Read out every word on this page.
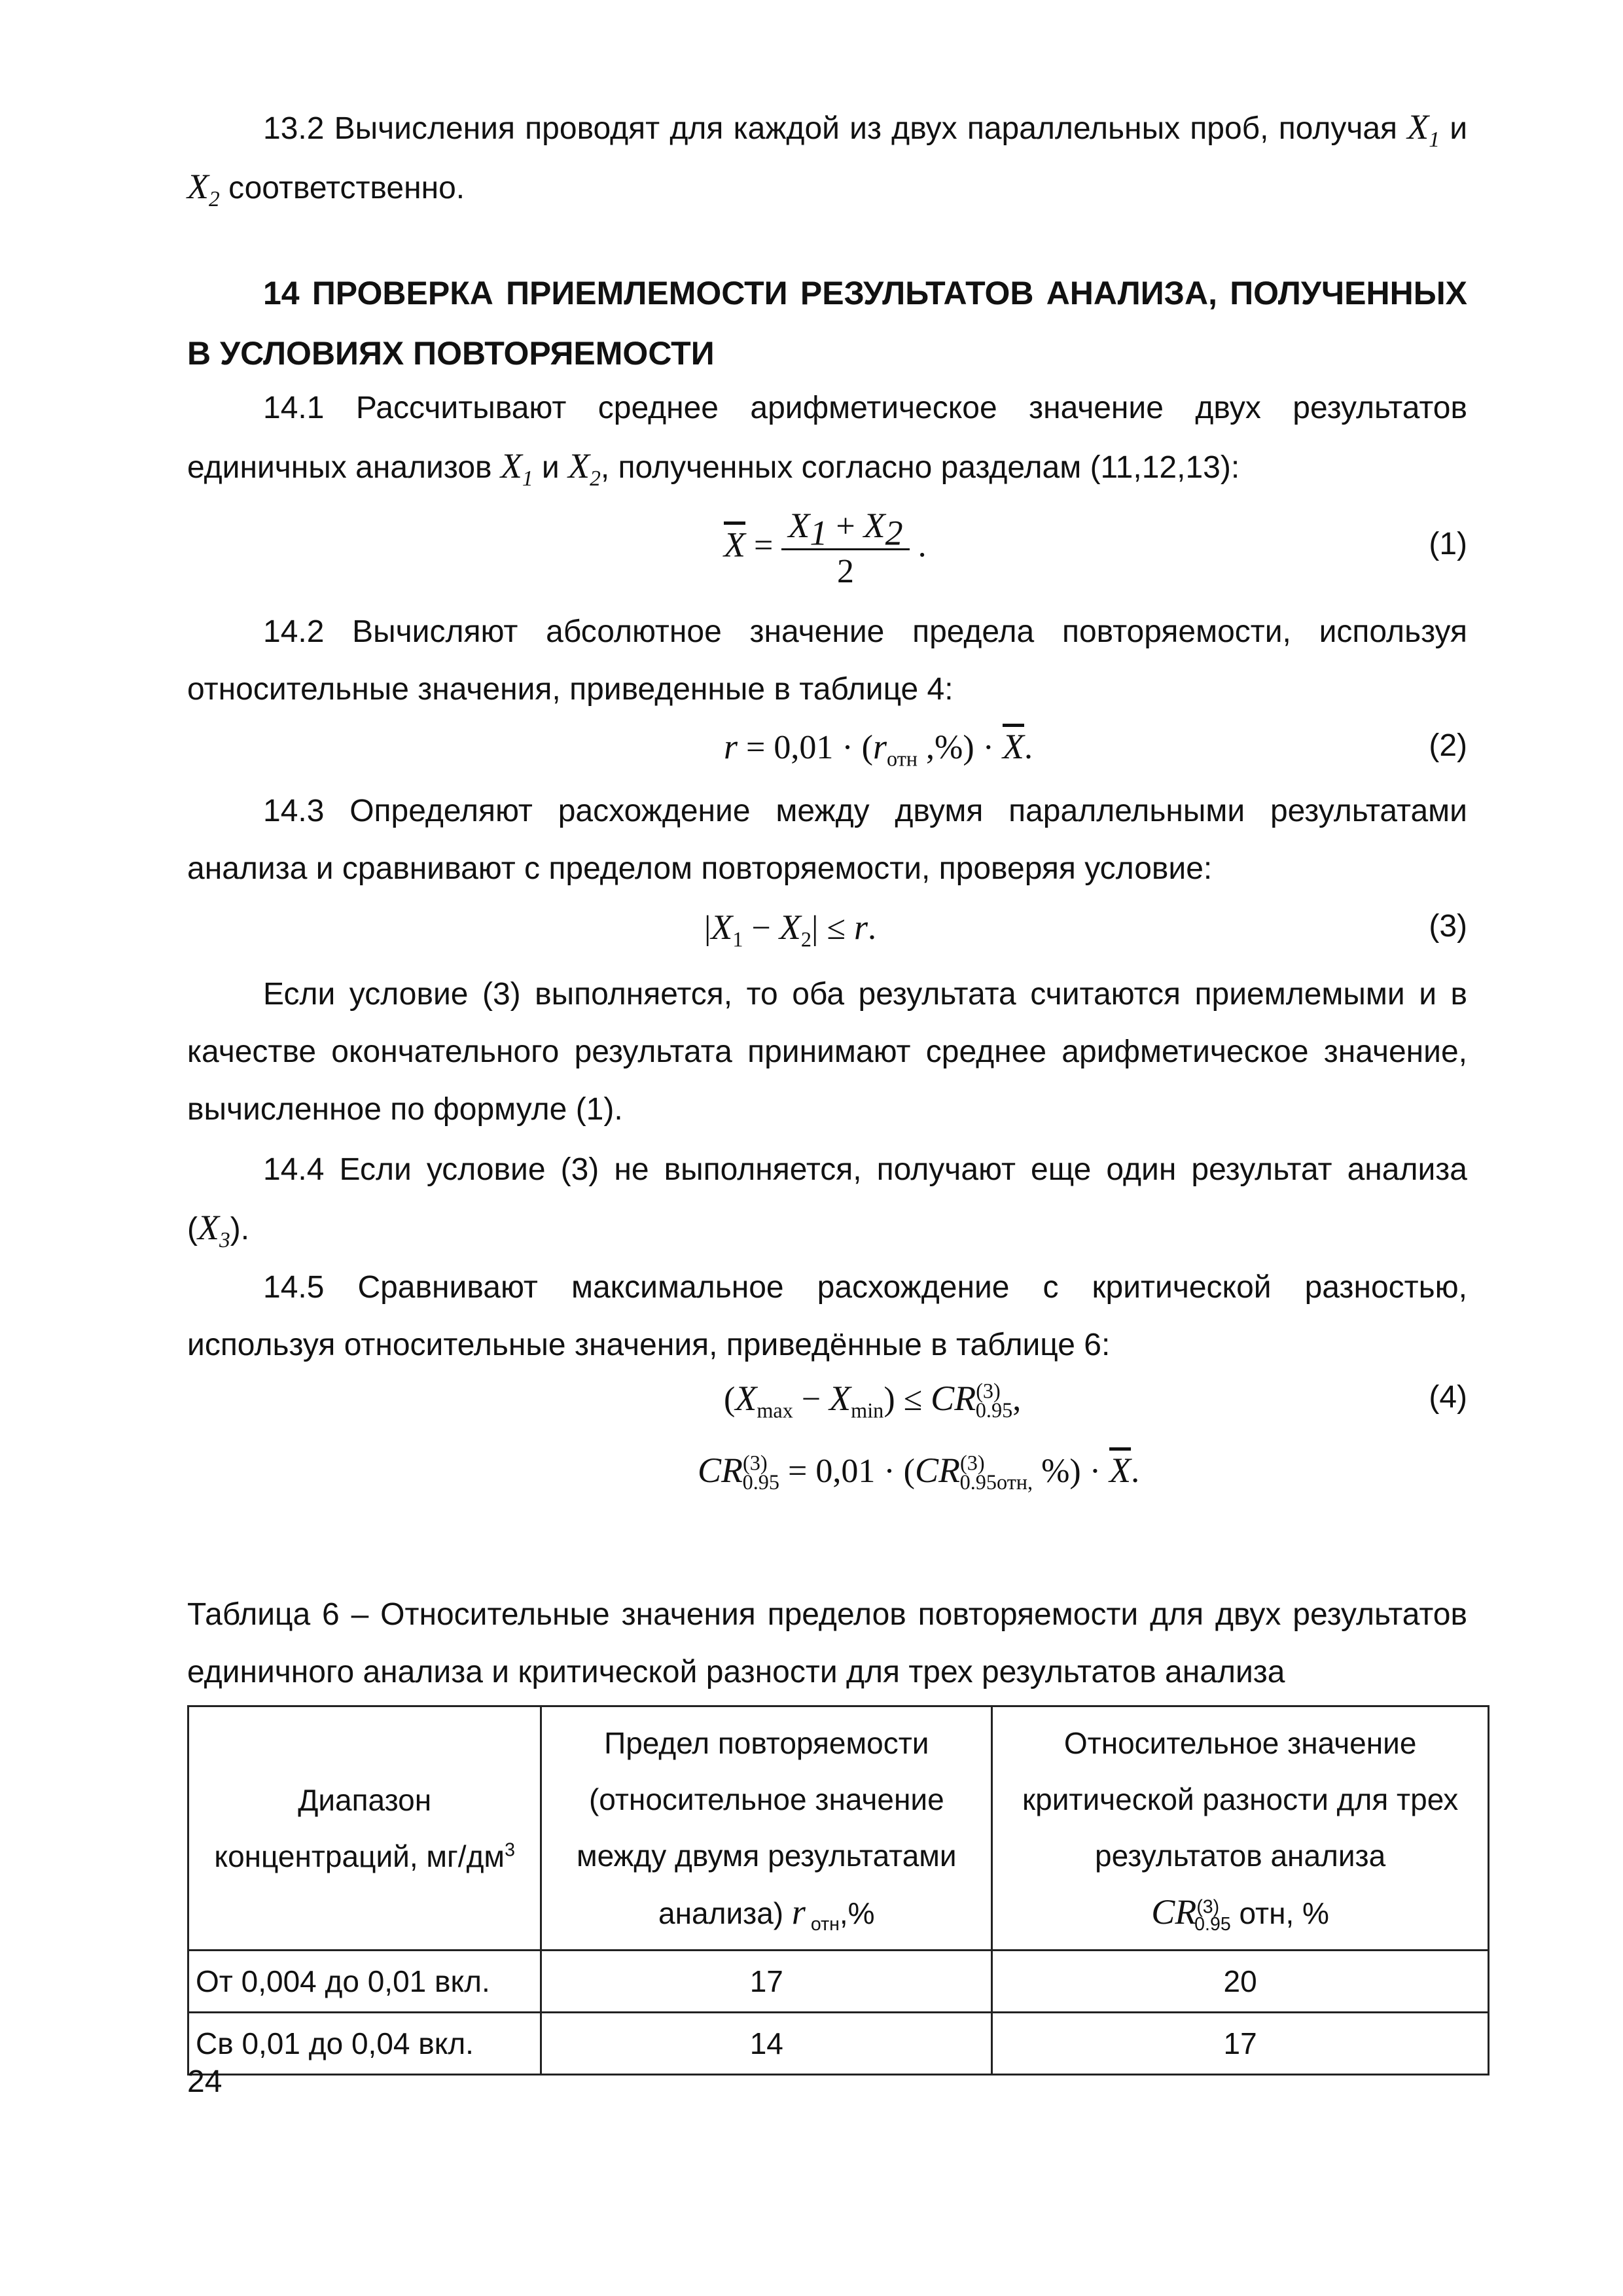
13.2 Вычисления проводят для каждой из двух параллельных проб, получая $X_1$ и $X_2$ соответственно.

14 ПРОВЕРКА ПРИЕМЛЕМОСТИ РЕЗУЛЬТАТОВ АНАЛИЗА, ПОЛУЧЕННЫХ В УСЛОВИЯХ ПОВТОРЯЕМОСТИ

14.1 Рассчитывают среднее арифметическое значение двух результатов единичных анализов $X_1$ и $X_2$, полученных согласно разделам (11,12,13):

$\overline{X} = \frac{X_1 + X_2}{2}$ .	(1)

14.2 Вычисляют абсолютное значение предела повторяемости, используя относительные значения, приведенные в таблице 4:

$r = 0,01 \cdot (r_{отн}$ ,%) · $\overline{X}$.	(2)

14.3 Определяют расхождение между двумя параллельными результатами анализа и сравнивают с пределом повторяемости, проверяя условие:

$|X_1 - X_2| \le r$.	(3)

Если условие (3) выполняется, то оба результата считаются приемлемыми и в качестве окончательного результата принимают среднее арифметическое значение, вычисленное по формуле (1).

14.4 Если условие (3) не выполняется, получают еще один результат анализа $(X_3)$.

14.5 Сравнивают максимальное расхождение с критической разностью, используя относительные значения, приведённые в таблице 6:

$(X_{max} - X_{min}) \le CR^{(3)}_{0.95}$,	(4)
$CR^{(3)}_{0.95} = 0,01 \cdot (CR^{(3)}_{0.95отн,}$ %) · $\overline{X}$.

Таблица 6 – Относительные значения пределов повторяемости для двух результатов единичного анализа и критической разности для трех результатов анализа

Диапазон концентраций, $мг/дм^3$	Предел повторяемости (относительное значение между двумя результатами анализа) r $_{отн}$,%	Относительное значение критической разности для трех результатов анализа
$CR^{(3)}_{0.95}$ отн, %
От 0,004 до 0,01 вкл.	17	20
Св 0,01 до 0,04 вкл.	14	17
24
